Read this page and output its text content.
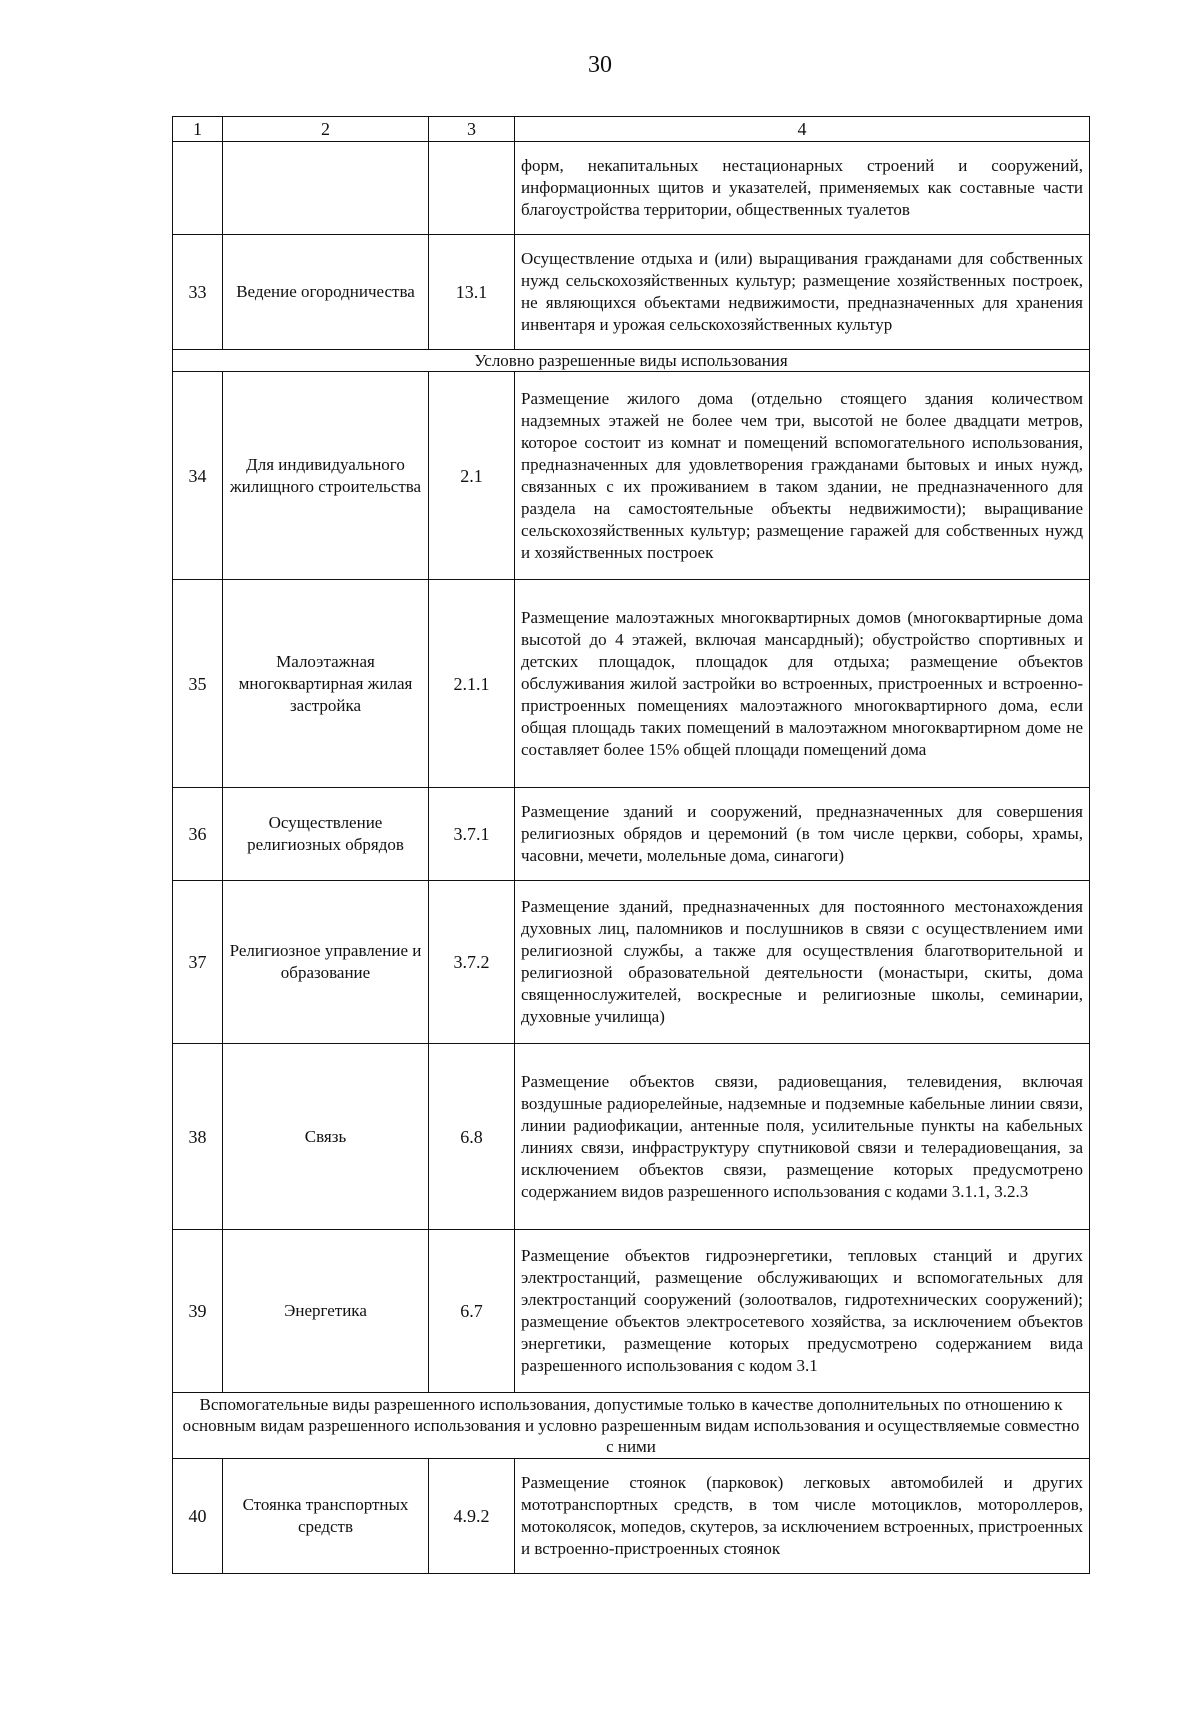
30
1	2	3	4
			форм, некапитальных нестационарных строений и сооружений, информационных щитов и указателей, применяемых как составные части благоустройства территории, общественных туалетов
33	Ведение огородничества	13.1	Осуществление отдыха и (или) выращивания гражданами для собственных нужд сельскохозяйственных культур; размещение хозяйственных построек, не являющихся объектами недвижимости, предназначенных для хранения инвентаря и урожая сельскохозяйственных культур
Условно разрешенные виды использования			
34	Для индивидуального жилищного строительства	2.1	Размещение жилого дома (отдельно стоящего здания количеством надземных этажей не более чем три, высотой не более двадцати метров, которое состоит из комнат и помещений вспомогательного использования, предназначенных для удовлетворения гражданами бытовых и иных нужд, связанных с их проживанием в таком здании, не предназначенного для раздела на самостоятельные объекты недвижимости); выращивание сельскохозяйственных культур; размещение гаражей для собственных нужд и хозяйственных построек
35	Малоэтажная многоквартирная жилая застройка	2.1.1	Размещение малоэтажных многоквартирных домов (многоквартирные дома высотой до 4 этажей, включая мансардный); обустройство спортивных и детских площадок, площадок для отдыха; размещение объектов обслуживания жилой застройки во встроенных, пристроенных и встроенно-пристроенных помещениях малоэтажного многоквартирного дома, если общая площадь таких помещений в малоэтажном многоквартирном доме не составляет более 15% общей площади помещений дома
36	Осуществление религиозных обрядов	3.7.1	Размещение зданий и сооружений, предназначенных для совершения религиозных обрядов и церемоний (в том числе церкви, соборы, храмы, часовни, мечети, молельные дома, синагоги)
37	Религиозное управление и образование	3.7.2	Размещение зданий, предназначенных для постоянного местонахождения духовных лиц, паломников и послушников в связи с осуществлением ими религиозной службы, а также для осуществления благотворительной и религиозной образовательной деятельности (монастыри, скиты, дома священнослужителей, воскресные и религиозные школы, семинарии, духовные училища)
38	Связь	6.8	Размещение объектов связи, радиовещания, телевидения, включая воздушные радиорелейные, надземные и подземные кабельные линии связи, линии радиофикации, антенные поля, усилительные пункты на кабельных линиях связи, инфраструктуру спутниковой связи и телерадиовещания, за исключением объектов связи, размещение которых предусмотрено содержанием видов разрешенного использования с кодами 3.1.1, 3.2.3
39	Энергетика	6.7	Размещение объектов гидроэнергетики, тепловых станций и других электростанций, размещение обслуживающих и вспомогательных для электростанций сооружений (золоотвалов, гидротехнических сооружений); размещение объектов электросетевого хозяйства, за исключением объектов энергетики, размещение которых предусмотрено содержанием вида разрешенного использования с кодом 3.1
Вспомогательные виды разрешенного использования, допустимые только в качестве дополнительных по отношению к основным видам разрешенного использования и условно разрешенным видам использования и осуществляемые совместно с ними			
40	Стоянка транспортных средств	4.9.2	Размещение стоянок (парковок) легковых автомобилей и других мототранспортных средств, в том числе мотоциклов, мотороллеров, мотоколясок, мопедов, скутеров, за исключением встроенных, пристроенных и встроенно-пристроенных стоянок
